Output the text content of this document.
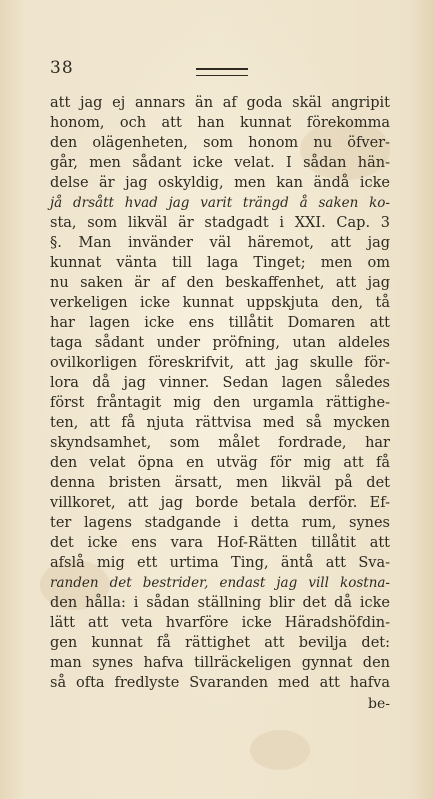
38
att jag ej annars än af goda skäl angripit
honom, och att han kunnat förekomma
den olägenheten, som honom nu öfver-
går, men sådant icke velat. I sådan hän-
delse är jag oskyldig, men kan ändå icke
jå drsått hvad jag varit trängd å saken ko-
sta, som likväl är stadgadt i XXI. Cap. 3
§. Man invänder väl häremot, att jag
kunnat vänta till laga Tinget; men om
nu saken är af den beskaffenhet, att jag
verkeligen icke kunnat uppskjuta den, tå
har lagen icke ens tillåtit Domaren att
taga sådant under pröfning, utan aldeles
ovilkorligen föreskrifvit, att jag skulle för-
lora då jag vinner. Sedan lagen således
först fråntagit mig den urgamla rättighe-
ten, att få njuta rättvisa med så mycken
skyndsamhet, som målet fordrade, har
den velat öpna en utväg för mig att få
denna bristen ärsatt, men likväl på det
villkoret, att jag borde betala derför. Ef-
ter lagens stadgande i detta rum, synes
det icke ens vara Hof-Rätten tillåtit att
afslå mig ett urtima Ting, äntå att Sva-
randen det bestrider, endast jag vill kostna-
den hålla: i sådan ställning blir det då icke
lätt att veta hvarföre icke Häradshöfdin-
gen kunnat få rättighet att bevilja det:
man synes hafva tillräckeligen gynnat den
så ofta fredlyste Svaranden med att hafva
be-
